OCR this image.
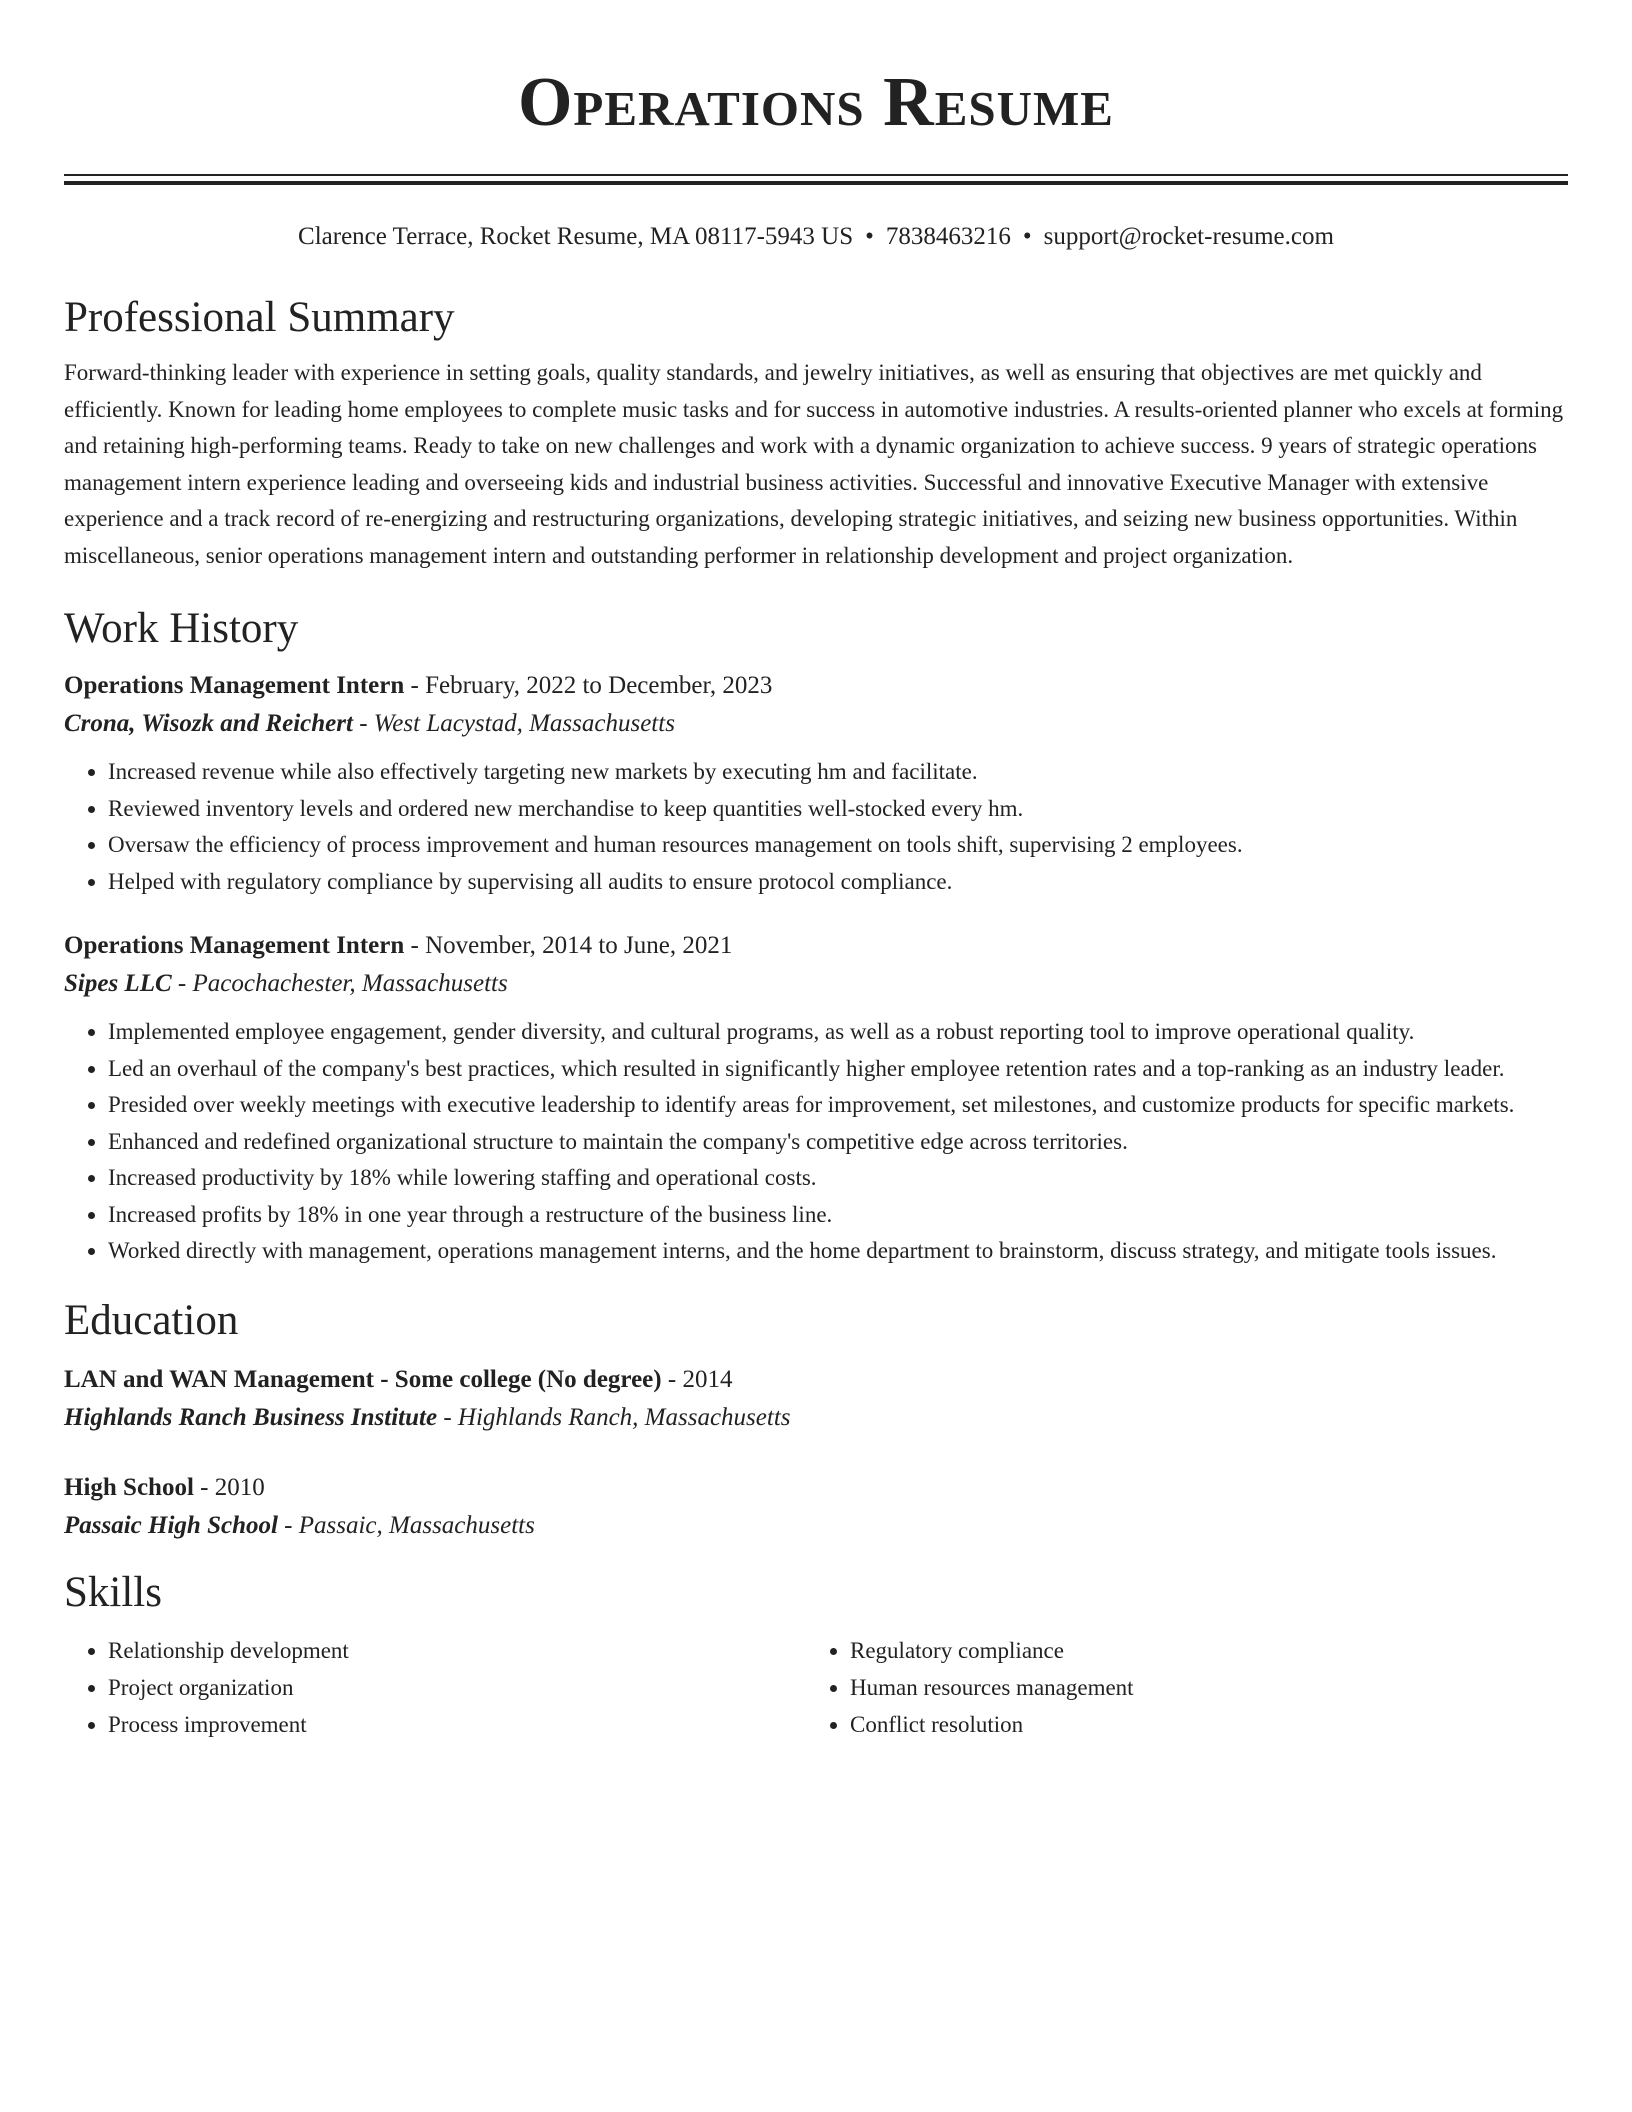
Operations Resume
Clarence Terrace, Rocket Resume, MA 08117-5943 US • 7838463216 • support@rocket-resume.com
Professional Summary
Forward-thinking leader with experience in setting goals, quality standards, and jewelry initiatives, as well as ensuring that objectives are met quickly and efficiently. Known for leading home employees to complete music tasks and for success in automotive industries. A results-oriented planner who excels at forming and retaining high-performing teams. Ready to take on new challenges and work with a dynamic organization to achieve success. 9 years of strategic operations management intern experience leading and overseeing kids and industrial business activities. Successful and innovative Executive Manager with extensive experience and a track record of re-energizing and restructuring organizations, developing strategic initiatives, and seizing new business opportunities. Within miscellaneous, senior operations management intern and outstanding performer in relationship development and project organization.
Work History
Operations Management Intern - February, 2022 to December, 2023
Crona, Wisozk and Reichert - West Lacystad, Massachusetts
• Increased revenue while also effectively targeting new markets by executing hm and facilitate.
• Reviewed inventory levels and ordered new merchandise to keep quantities well-stocked every hm.
• Oversaw the efficiency of process improvement and human resources management on tools shift, supervising 2 employees.
• Helped with regulatory compliance by supervising all audits to ensure protocol compliance.
Operations Management Intern - November, 2014 to June, 2021
Sipes LLC - Pacochachester, Massachusetts
• Implemented employee engagement, gender diversity, and cultural programs, as well as a robust reporting tool to improve operational quality.
• Led an overhaul of the company's best practices, which resulted in significantly higher employee retention rates and a top-ranking as an industry leader.
• Presided over weekly meetings with executive leadership to identify areas for improvement, set milestones, and customize products for specific markets.
• Enhanced and redefined organizational structure to maintain the company's competitive edge across territories.
• Increased productivity by 18% while lowering staffing and operational costs.
• Increased profits by 18% in one year through a restructure of the business line.
• Worked directly with management, operations management interns, and the home department to brainstorm, discuss strategy, and mitigate tools issues.
Education
LAN and WAN Management - Some college (No degree) - 2014
Highlands Ranch Business Institute - Highlands Ranch, Massachusetts
High School - 2010
Passaic High School - Passaic, Massachusetts
Skills
• Relationship development
• Project organization
• Process improvement
• Regulatory compliance
• Human resources management
• Conflict resolution
